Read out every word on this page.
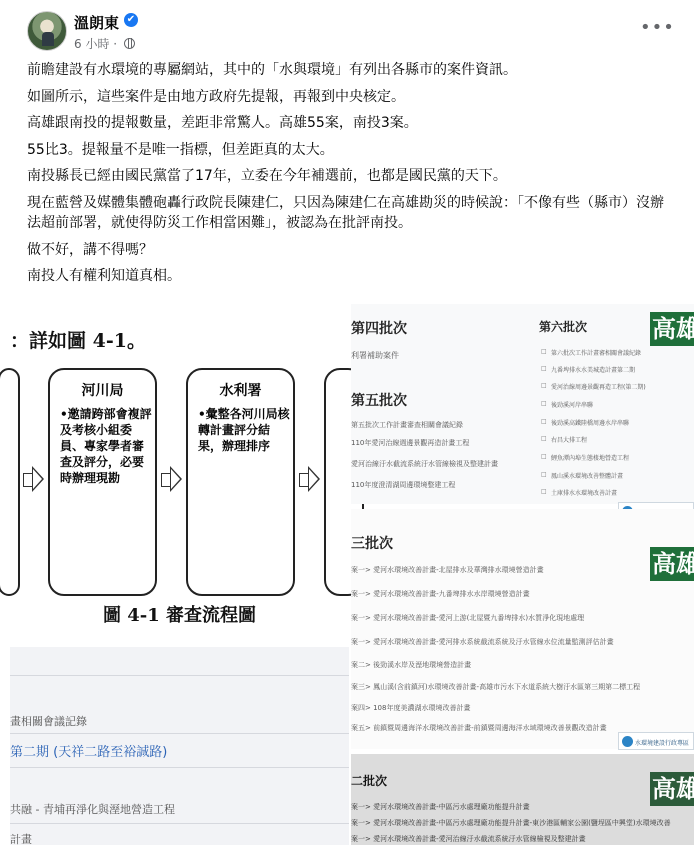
溫朗東 ✔
6 小時 ·
•••

前瞻建設有水環境的專屬網站，其中的「水與環境」有列出各縣市的案件資訊。

如圖所示，這些案件是由地方政府先提報，再報到中央核定。

高雄跟南投的提報數量，差距非常驚人。高雄55案，南投3案。

55比3。提報量不是唯一指標，但差距真的太大。

南投縣長已經由國民黨當了17年，立委在今年補選前，也都是國民黨的天下。

現在藍營及媒體集體砲轟行政院長陳建仁，只因為陳建仁在高雄勘災的時候說：「不像有些（縣市）沒辦法超前部署，就使得防災工作相當困難」，被認為在批評南投。

做不好，講不得嗎？

南投人有權利知道真相。

：詳如圖 4-1。
河川局
•邀請跨部會複評及考核小組委員、專家學者審查及評分，必要時辦理現勘
水利署
•彙整各河川局核轉計畫評分結果，辦理排序
圖 4-1 審查流程圖
第四批次
利署補助案件
第五批次
第五批次工作計畫審查相關會議紀錄
110年愛河治線週邊景觀再造計畫工程
愛河治線汙水截流系統汙水管線檢視及整建計畫
110年度澄清湖周邊環境整建工程
第六批次
第六批次工作計畫審相關會議紀錄
九番埤排水水美城造計畫第二期
愛河治線周邊景觀再造工程(第二期)
後勁溪河岸串聯
後勁溪高鐵陸橋周邊水岸串聯
右昌大排工程
鯉魚潭內埠生態棲地營造工程
鳳山溪水環境改善整體計畫
土庫排水水環境改善計畫
□
□
□
□
□
□
□
□
□
高雄
三批次
案一> 愛河水環境改善計畫-北屋排水及華灣排水環境營造計畫
案一> 愛河水環境改善計畫-九番埤排水水岸環境營造計畫
案一> 愛河水環境改善計畫-愛河上游(北屋暨九番埤排水)水質淨化現地處理
案一> 愛河水環境改善計畫-愛河排水系統截流系統及汙水管線水位流量監測評估計畫
案二> 後勁溪水岸及溼地環境營造計畫
案三> 鳳山溪(含前鎮河)水環境改善計畫-高雄市污水下水道系統大樹汙水區第三期第二標工程
案四> 108年度美濃湖水環境改善計畫
案五> 前鎮暨周邊海洋水環境改善計畫-前鎮暨周邊海洋水域環境改善景觀改造計畫
高雄
水環境建設行政專區
畫相關會議記錄
第二期 (天祥二路至裕誠路)
共融 - 青埔再淨化與溼地營造工程
計畫
二批次
案一> 愛河水環境改善計畫-中區污水處理廠功能提升計畫
案一> 愛河水環境改善計畫-中區污水處理廠功能提升計畫-東沙港區輔家公園(鹽埕區中興堂)水環境改善
案一> 愛河水環境改善計畫-愛河治線汙水截流系統汙水管線檢視及整建計畫
高雄
